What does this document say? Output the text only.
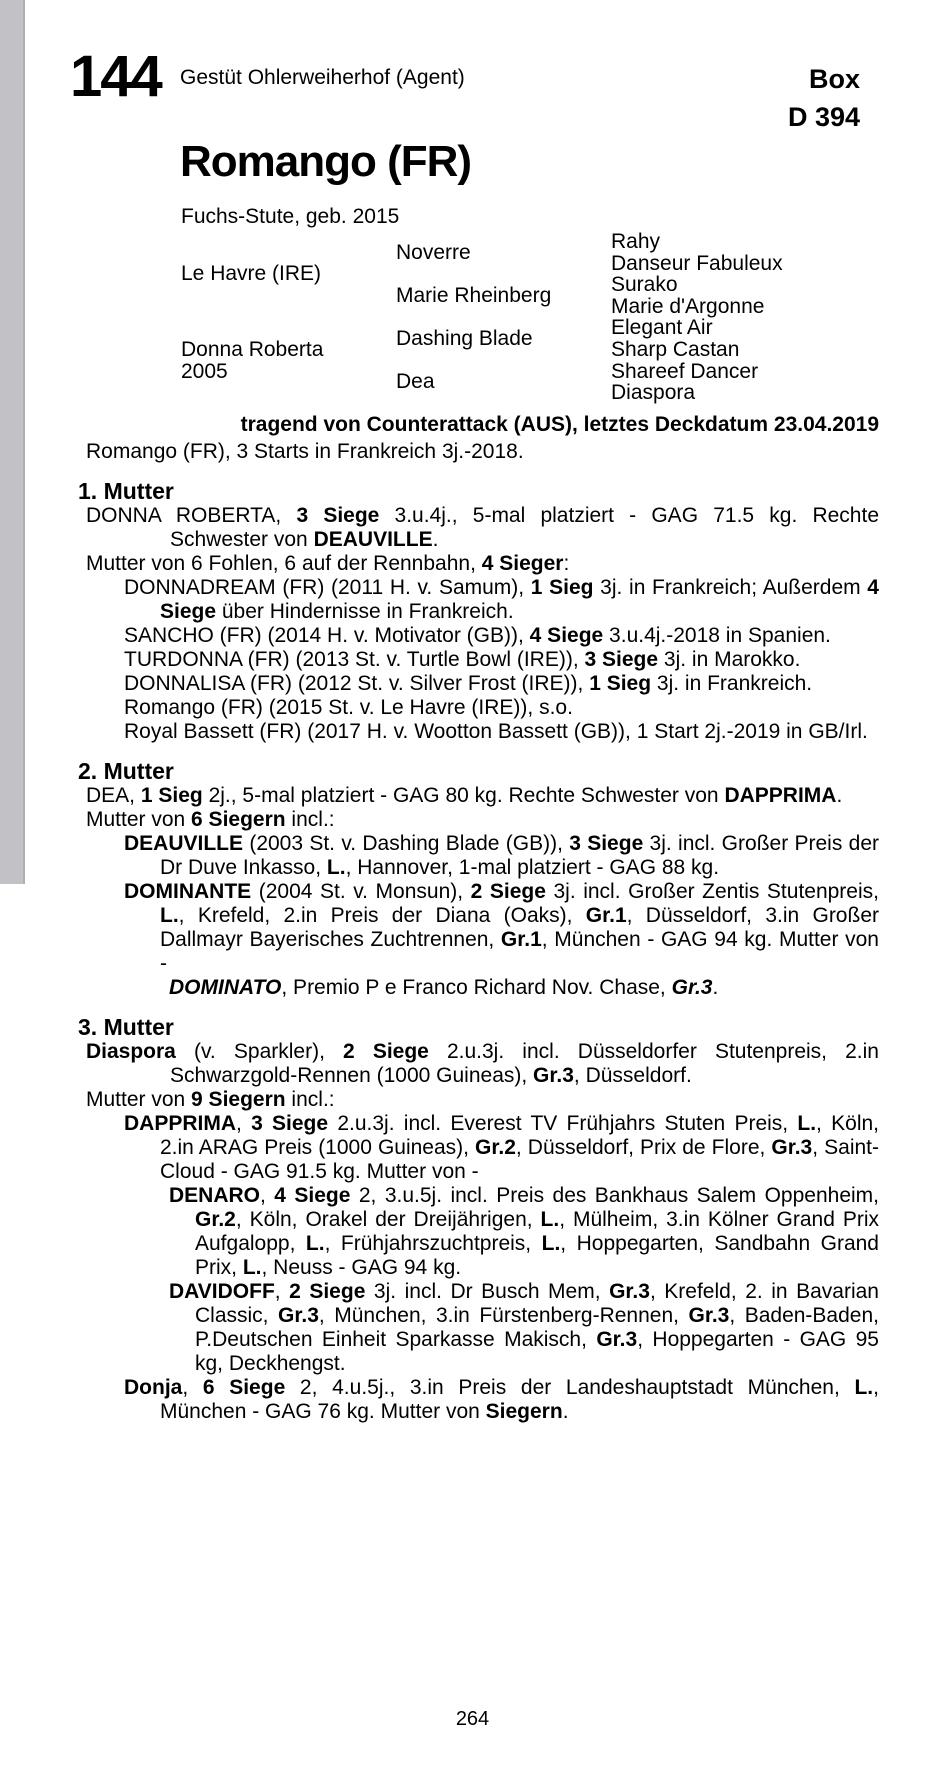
144 Gestüt Ohlerweiherhof (Agent)	Box
D 394
Romango (FR)
Fuchs-Stute, geb. 2015
Le Havre (IRE)
Donna Roberta
2005
Noverre
Marie Rheinberg
Dashing Blade
Dea
Rahy
Danseur Fabuleux
Surako
Marie d'Argonne
Elegant Air
Sharp Castan
Shareef Dancer
Diaspora
tragend von Counterattack (AUS), letztes Deckdatum 23.04.2019
Romango (FR), 3 Starts in Frankreich 3j.-2018.
1. Mutter
DONNA ROBERTA, 3 Siege 3.u.4j., 5-mal platziert - GAG 71.5 kg. Rechte Schwester von DEAUVILLE.
Mutter von 6 Fohlen, 6 auf der Rennbahn, 4 Sieger:
DONNADREAM (FR) (2011 H. v. Samum), 1 Sieg 3j. in Frankreich; Außerdem 4 Siege über Hindernisse in Frankreich.
SANCHO (FR) (2014 H. v. Motivator (GB)), 4 Siege 3.u.4j.-2018 in Spanien.
TURDONNA (FR) (2013 St. v. Turtle Bowl (IRE)), 3 Siege 3j. in Marokko.
DONNALISA (FR) (2012 St. v. Silver Frost (IRE)), 1 Sieg 3j. in Frankreich.
Romango (FR) (2015 St. v. Le Havre (IRE)), s.o.
Royal Bassett (FR) (2017 H. v. Wootton Bassett (GB)), 1 Start 2j.-2019 in GB/Irl.
2. Mutter
DEA, 1 Sieg 2j., 5-mal platziert - GAG 80 kg. Rechte Schwester von DAPPRIMA.
Mutter von 6 Siegern incl.:
DEAUVILLE (2003 St. v. Dashing Blade (GB)), 3 Siege 3j. incl. Großer Preis der Dr Duve Inkasso, L., Hannover, 1-mal platziert - GAG 88 kg.
DOMINANTE (2004 St. v. Monsun), 2 Siege 3j. incl. Großer Zentis Stutenpreis, L., Krefeld, 2.in Preis der Diana (Oaks), Gr.1, Düsseldorf, 3.in Großer Dallmayr Bayerisches Zuchtrennen, Gr.1, München - GAG 94 kg. Mutter von -
DOMINATO, Premio P e Franco Richard Nov. Chase, Gr.3.
3. Mutter
Diaspora (v. Sparkler), 2 Siege 2.u.3j. incl. Düsseldorfer Stutenpreis, 2.in Schwarzgold-Rennen (1000 Guineas), Gr.3, Düsseldorf.
Mutter von 9 Siegern incl.:
DAPPRIMA, 3 Siege 2.u.3j. incl. Everest TV Frühjahrs Stuten Preis, L., Köln, 2.in ARAG Preis (1000 Guineas), Gr.2, Düsseldorf, Prix de Flore, Gr.3, Saint-Cloud - GAG 91.5 kg. Mutter von -
DENARO, 4 Siege 2, 3.u.5j. incl. Preis des Bankhaus Salem Oppenheim, Gr.2, Köln, Orakel der Dreijährigen, L., Mülheim, 3.in Kölner Grand Prix Aufgalopp, L., Frühjahrszuchtpreis, L., Hoppegarten, Sandbahn Grand Prix, L., Neuss - GAG 94 kg.
DAVIDOFF, 2 Siege 3j. incl. Dr Busch Mem, Gr.3, Krefeld, 2. in Bavarian Classic, Gr.3, München, 3.in Fürstenberg-Rennen, Gr.3, Baden-Baden, P.Deutschen Einheit Sparkasse Makisch, Gr.3, Hoppegarten - GAG 95 kg, Deckhengst.
Donja, 6 Siege 2, 4.u.5j., 3.in Preis der Landeshauptstadt München, L., München - GAG 76 kg. Mutter von Siegern.
264
